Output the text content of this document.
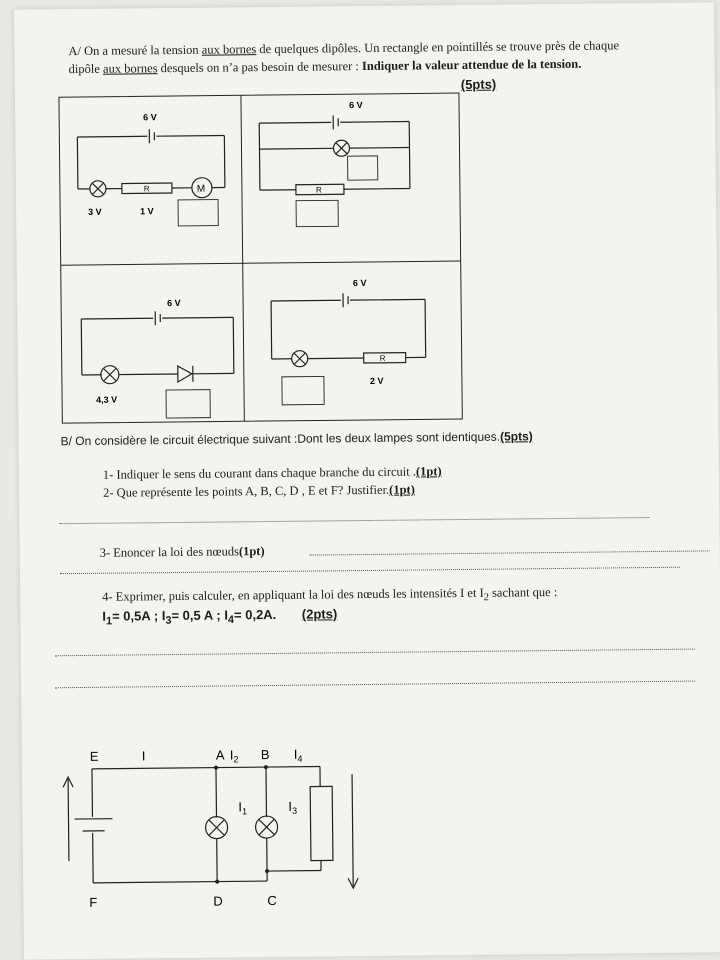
A/ On a mesuré la tension aux bornes de quelques dipôles. Un rectangle en pointillés se trouve près de chaque
dipôle aux bornes desquels on n’a pas besoin de mesurer : Indiquer la valeur attendue de la tension.
(5pts)
6 V
R	M
3 V	1 V
6 V
R
6 V
4,3 V
6 V
R
2 V
B/ On considère le circuit électrique suivant :Dont les deux lampes sont identiques.(5pts)
1- Indiquer le sens du courant dans chaque branche du circuit .(1pt)
2- Que représente les points A, B, C, D , E et F? Justifier.(1pt)
3- Enoncer la loi des nœuds(1pt)
4- Exprimer, puis calculer, en appliquant la loi des nœuds les intensités I et $I_2$ sachant que :
$I_1= 0,5A$ ; $I_3= 0,5$ A ; $I_4= 0,2A$. (2pts)
E	I	A $I_2$ B $I_4$
$I_1$	$I_3$
F	D	C
